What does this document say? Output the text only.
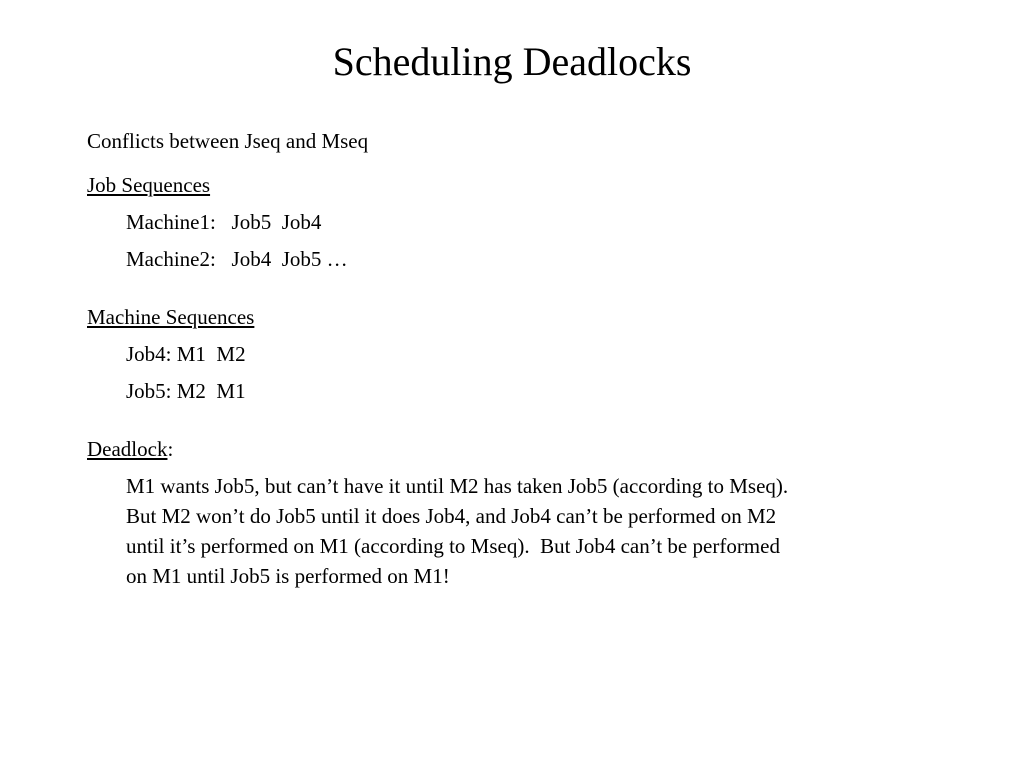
Scheduling Deadlocks
Conflicts between Jseq and Mseq
Job Sequences
Machine1:   Job5  Job4
Machine2:   Job4  Job5 …
Machine Sequences
Job4: M1  M2
Job5: M2  M1
Deadlock:
M1 wants Job5, but can’t have it until M2 has taken Job5 (according to Mseq).
But M2 won’t do Job5 until it does Job4, and Job4 can’t be performed on M2
until it’s performed on M1 (according to Mseq).  But Job4 can’t be performed
on M1 until Job5 is performed on M1!
